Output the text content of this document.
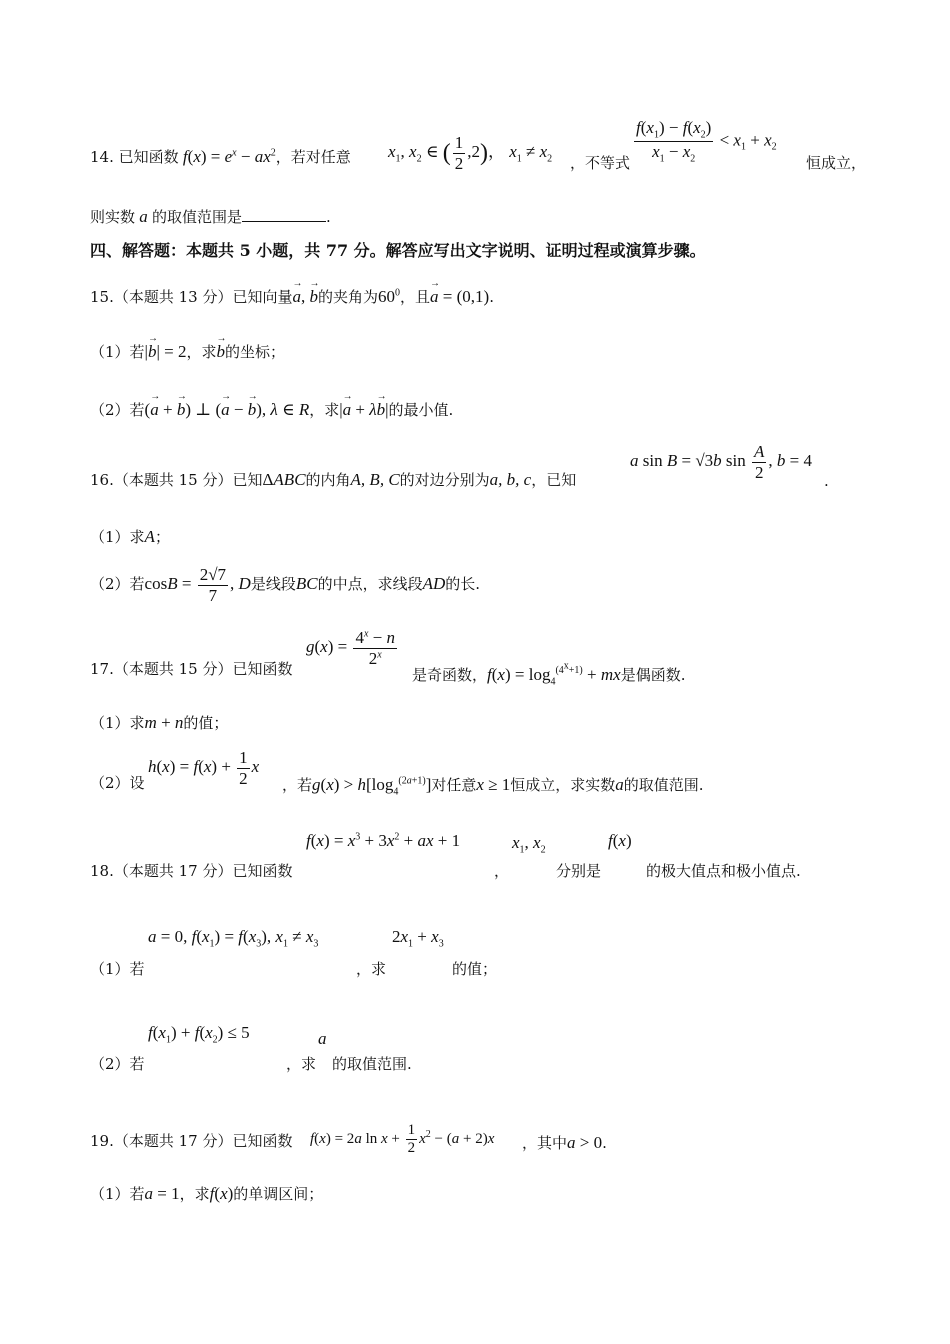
14. 已知函数 $f(x) = e^x - ax^2$，若对任意 $x_1$, $x_2$ ∈ ( $\frac{1}{2} ,2$)， $x_1 \ne x_2$ ，不等式 $\frac{f(x_1) - f(x_2)}{x_1 - x_2} < x_1 + x_2$
恒成立，
则实数 a 的取值范围是	.
四、解答题：本题共 5 小题，共 77 分。解答应写出文字说明、证明过程或演算步骤。
15.（本题共 13 分）已知向量→ a, → b的夹角为$60^0$，且→ a = (0,1).
（1）若|→ b| = 2，求→ b的坐标；
（2）若(→ a + → b) ⊥ (→ a − → b), λ ∈ R，求|→ a + λ→ b|的最小值.
16.（本题共 15 分）已知ΔABC的内角A, B, C的对边分别为a, b, c，已知
a sin B = √3b $\sin \frac{A}{2}$ , b = 4
.
（1）求A；
（2）若$\cos B = \frac{2√7}{7}$ , D是线段BC的中点，求线段AD的长.
17.（本题共 15 分）已知函数
$g(x) = \frac{4^x - n}{2^x}$
是奇函数，$f(x) = \log_4^{(4^x+1)}$ + mx是偶函数.
（1）求m + n的值；
（2）设
$h(x) = f(x) + \frac{1}{2}$ x
，若$g(x) > h[\log_4^{(2a+1)}]$对任意x ≥ 1恒成立，求实数a的取值范围.
$f(x) = x^3 + 3x^2$ + ax + 1	$x_1$, $x_2$	f(x)
18.（本题共 17 分）已知函数	，	分别是	的极大值点和极小值点.
a = 0, $f(x_1) = f(x_3)$, $x_1 \ne x_3$	$2x_1 + x_3$
（1）若	，求	的值；
$f(x_1) + f(x_2) \le 5$	a
（2）若	，求 的取值范围.
19.（本题共 17 分）已知函数 f(x) = 2a $\ln x + \frac{1}{2} x^2 - (a + 2)x$ ，其中a > 0.
（1）若a = 1，求f(x)的单调区间；
